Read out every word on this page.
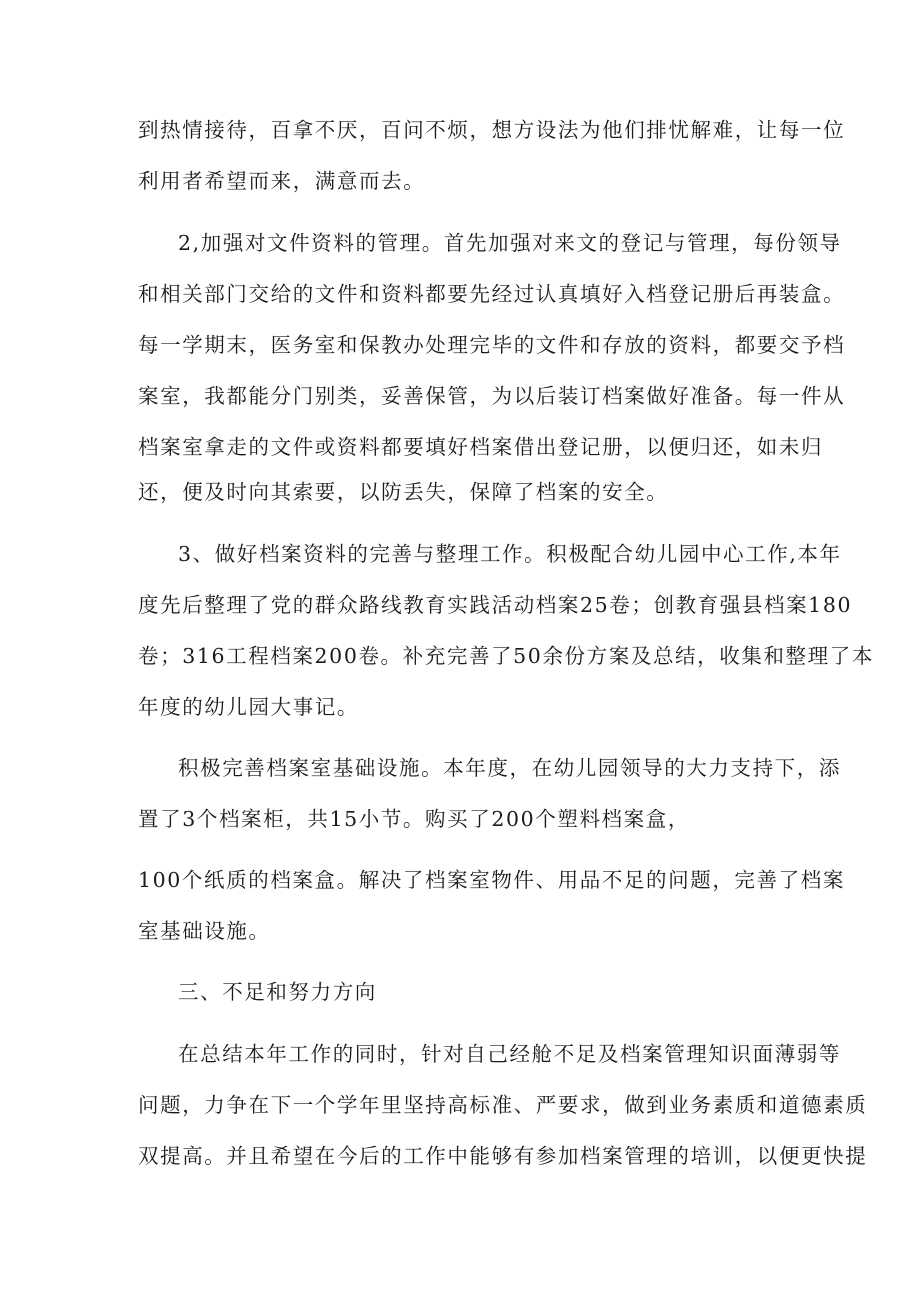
到热情接待，百拿不厌，百问不烦，想方设法为他们排忧解难，让每一位
利用者希望而来，满意而去。
2,加强对文件资料的管理。首先加强对来文的登记与管理，每份领导
和相关部门交给的文件和资料都要先经过认真填好入档登记册后再装盒。
每一学期末，医务室和保教办处理完毕的文件和存放的资料，都要交予档
案室，我都能分门别类，妥善保管，为以后装订档案做好准备。每一件从
档案室拿走的文件或资料都要填好档案借出登记册，以便归还，如未归
还，便及时向其索要，以防丢失，保障了档案的安全。
3、做好档案资料的完善与整理工作。积极配合幼儿园中心工作,本年
度先后整理了党的群众路线教育实践活动档案25卷；创教育强县档案180
卷；316工程档案200卷。补充完善了50余份方案及总结，收集和整理了本
年度的幼儿园大事记。
积极完善档案室基础设施。本年度，在幼儿园领导的大力支持下，添
置了3个档案柜，共15小节。购买了200个塑料档案盒，
100个纸质的档案盒。解决了档案室物件、用品不足的问题，完善了档案
室基础设施。
三、不足和努力方向
在总结本年工作的同时，针对自己经舱不足及档案管理知识面薄弱等
问题，力争在下一个学年里坚持高标准、严要求，做到业务素质和道德素质
双提高。并且希望在今后的工作中能够有参加档案管理的培训，以便更快提
